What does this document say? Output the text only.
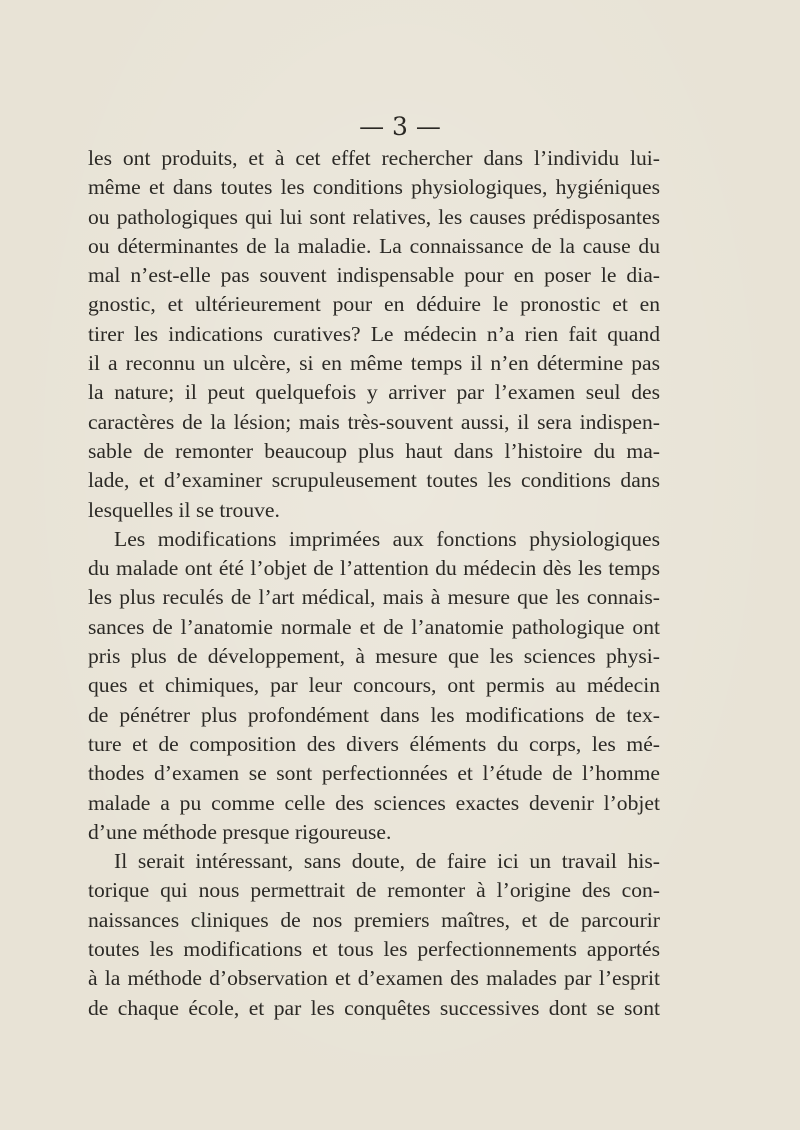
— 3 —
les ont produits, et à cet effet rechercher dans l’individu lui-
même et dans toutes les conditions physiologiques, hygiéniques
ou pathologiques qui lui sont relatives, les causes prédisposantes
ou déterminantes de la maladie. La connaissance de la cause du
mal n’est-elle pas souvent indispensable pour en poser le dia-
gnostic, et ultérieurement pour en déduire le pronostic et en
tirer les indications curatives? Le médecin n’a rien fait quand
il a reconnu un ulcère, si en même temps il n’en détermine pas
la nature; il peut quelquefois y arriver par l’examen seul des
caractères de la lésion; mais très-souvent aussi, il sera indispen-
sable de remonter beaucoup plus haut dans l’histoire du ma-
lade, et d’examiner scrupuleusement toutes les conditions dans
lesquelles il se trouve.
Les modifications imprimées aux fonctions physiologiques
du malade ont été l’objet de l’attention du médecin dès les temps
les plus reculés de l’art médical, mais à mesure que les connais-
sances de l’anatomie normale et de l’anatomie pathologique ont
pris plus de développement, à mesure que les sciences physi-
ques et chimiques, par leur concours, ont permis au médecin
de pénétrer plus profondément dans les modifications de tex-
ture et de composition des divers éléments du corps, les mé-
thodes d’examen se sont perfectionnées et l’étude de l’homme
malade a pu comme celle des sciences exactes devenir l’objet
d’une méthode presque rigoureuse.
Il serait intéressant, sans doute, de faire ici un travail his-
torique qui nous permettrait de remonter à l’origine des con-
naissances cliniques de nos premiers maîtres, et de parcourir
toutes les modifications et tous les perfectionnements apportés
à la méthode d’observation et d’examen des malades par l’esprit
de chaque école, et par les conquêtes successives dont se sont
